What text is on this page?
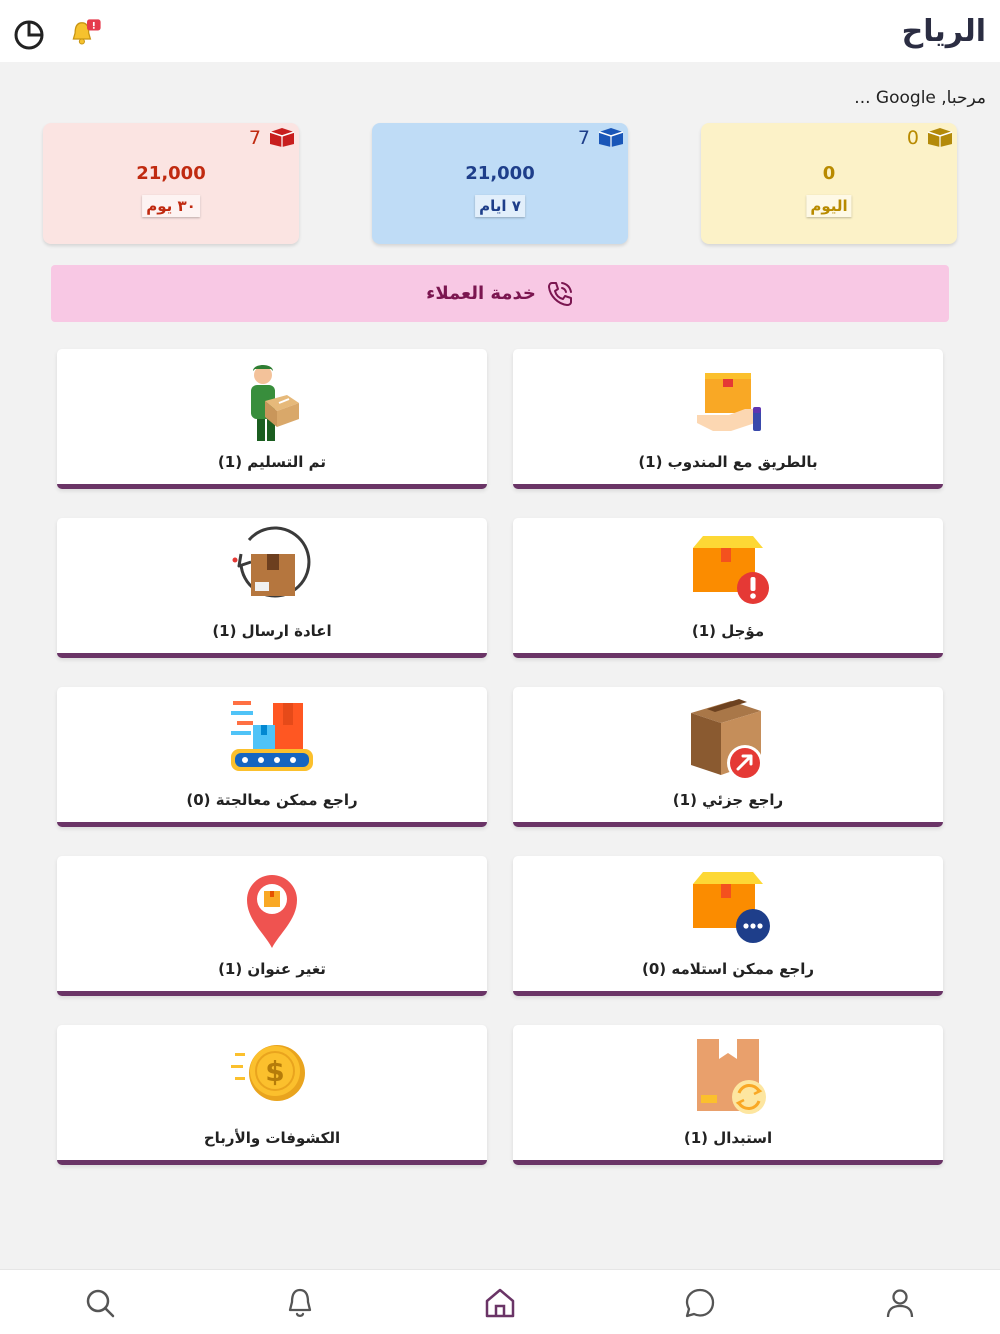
الرياح
مرحبا, Google ...
0
0
اليوم
7
21,000
٧ ايام
7
21,000
٣٠ يوم
خدمة العملاء
بالطريق مع المندوب (1)
تم التسليم (1)
مؤجل (1)
اعادة ارسال (1)
راجع جزئي (1)
راجع ممكن معالجتة (0)
راجع ممكن استلامه (0)
تغير عنوان (1)
استبدال (1)
$
الكشوفات والأرباح
